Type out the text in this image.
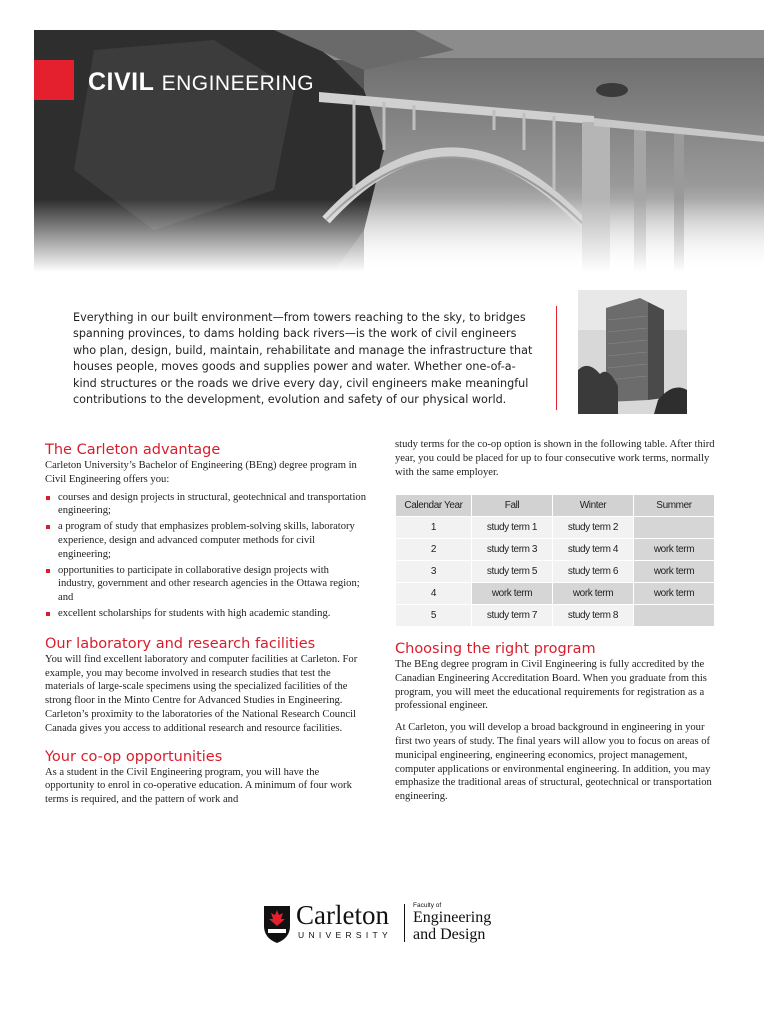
CIVIL ENGINEERING
Everything in our built environment—from towers reaching to the sky, to bridges spanning provinces, to dams holding back rivers—is the work of civil engineers who plan, design, build, maintain, rehabilitate and manage the infrastructure that houses people, moves goods and supplies power and water. Whether one-of-a-kind structures or the roads we drive every day, civil engineers make meaningful contributions to the development, evolution and safety of our physical world.
The Carleton advantage

Carleton University’s Bachelor of Engineering (BEng) degree program in Civil Engineering offers you:

courses and design projects in structural, geotechnical and transportation engineering;
a program of study that emphasizes problem-solving skills, laboratory experience, design and advanced computer methods for civil engineering;
opportunities to participate in collaborative design projects with industry, government and other research agencies in the Ottawa region; and
excellent scholarships for students with high academic standing.
Our laboratory and research facilities

You will find excellent laboratory and computer facilities at Carleton. For example, you may become involved in research studies that test the materials of large-scale specimens using the specialized facilities of the strong floor in the Minto Centre for Advanced Studies in Engineering. Carleton’s proximity to the laboratories of the National Research Council Canada gives you access to additional research and resource facilities.

Your co-op opportunities

As a student in the Civil Engineering program, you will have the opportunity to enrol in co-operative education. A minimum of four work terms is required, and the pattern of work and

study terms for the co-op option is shown in the following table. After third year, you could be placed for up to four consecutive work terms, normally with the same employer.

Calendar Year	Fall	Winter	Summer
1	study term 1	study term 2	
2	study term 3	study term 4	work term
3	study term 5	study term 6	work term
4	work term	work term	work term
5	study term 7	study term 8	
Choosing the right program

The BEng degree program in Civil Engineering is fully accredited by the Canadian Engineering Accreditation Board. When you graduate from this program, you will meet the educational requirements for registration as a professional engineer.

At Carleton, you will develop a broad background in engineering in your first two years of study. The final years will allow you to focus on areas of municipal engineering, engineering economics, project management, computer applications or environmental engineering. In addition, you may emphasize the traditional areas of structural, geotechnical or transportation engineering.

Carleton
UNIVERSITY
Faculty of
Engineering
and Design
